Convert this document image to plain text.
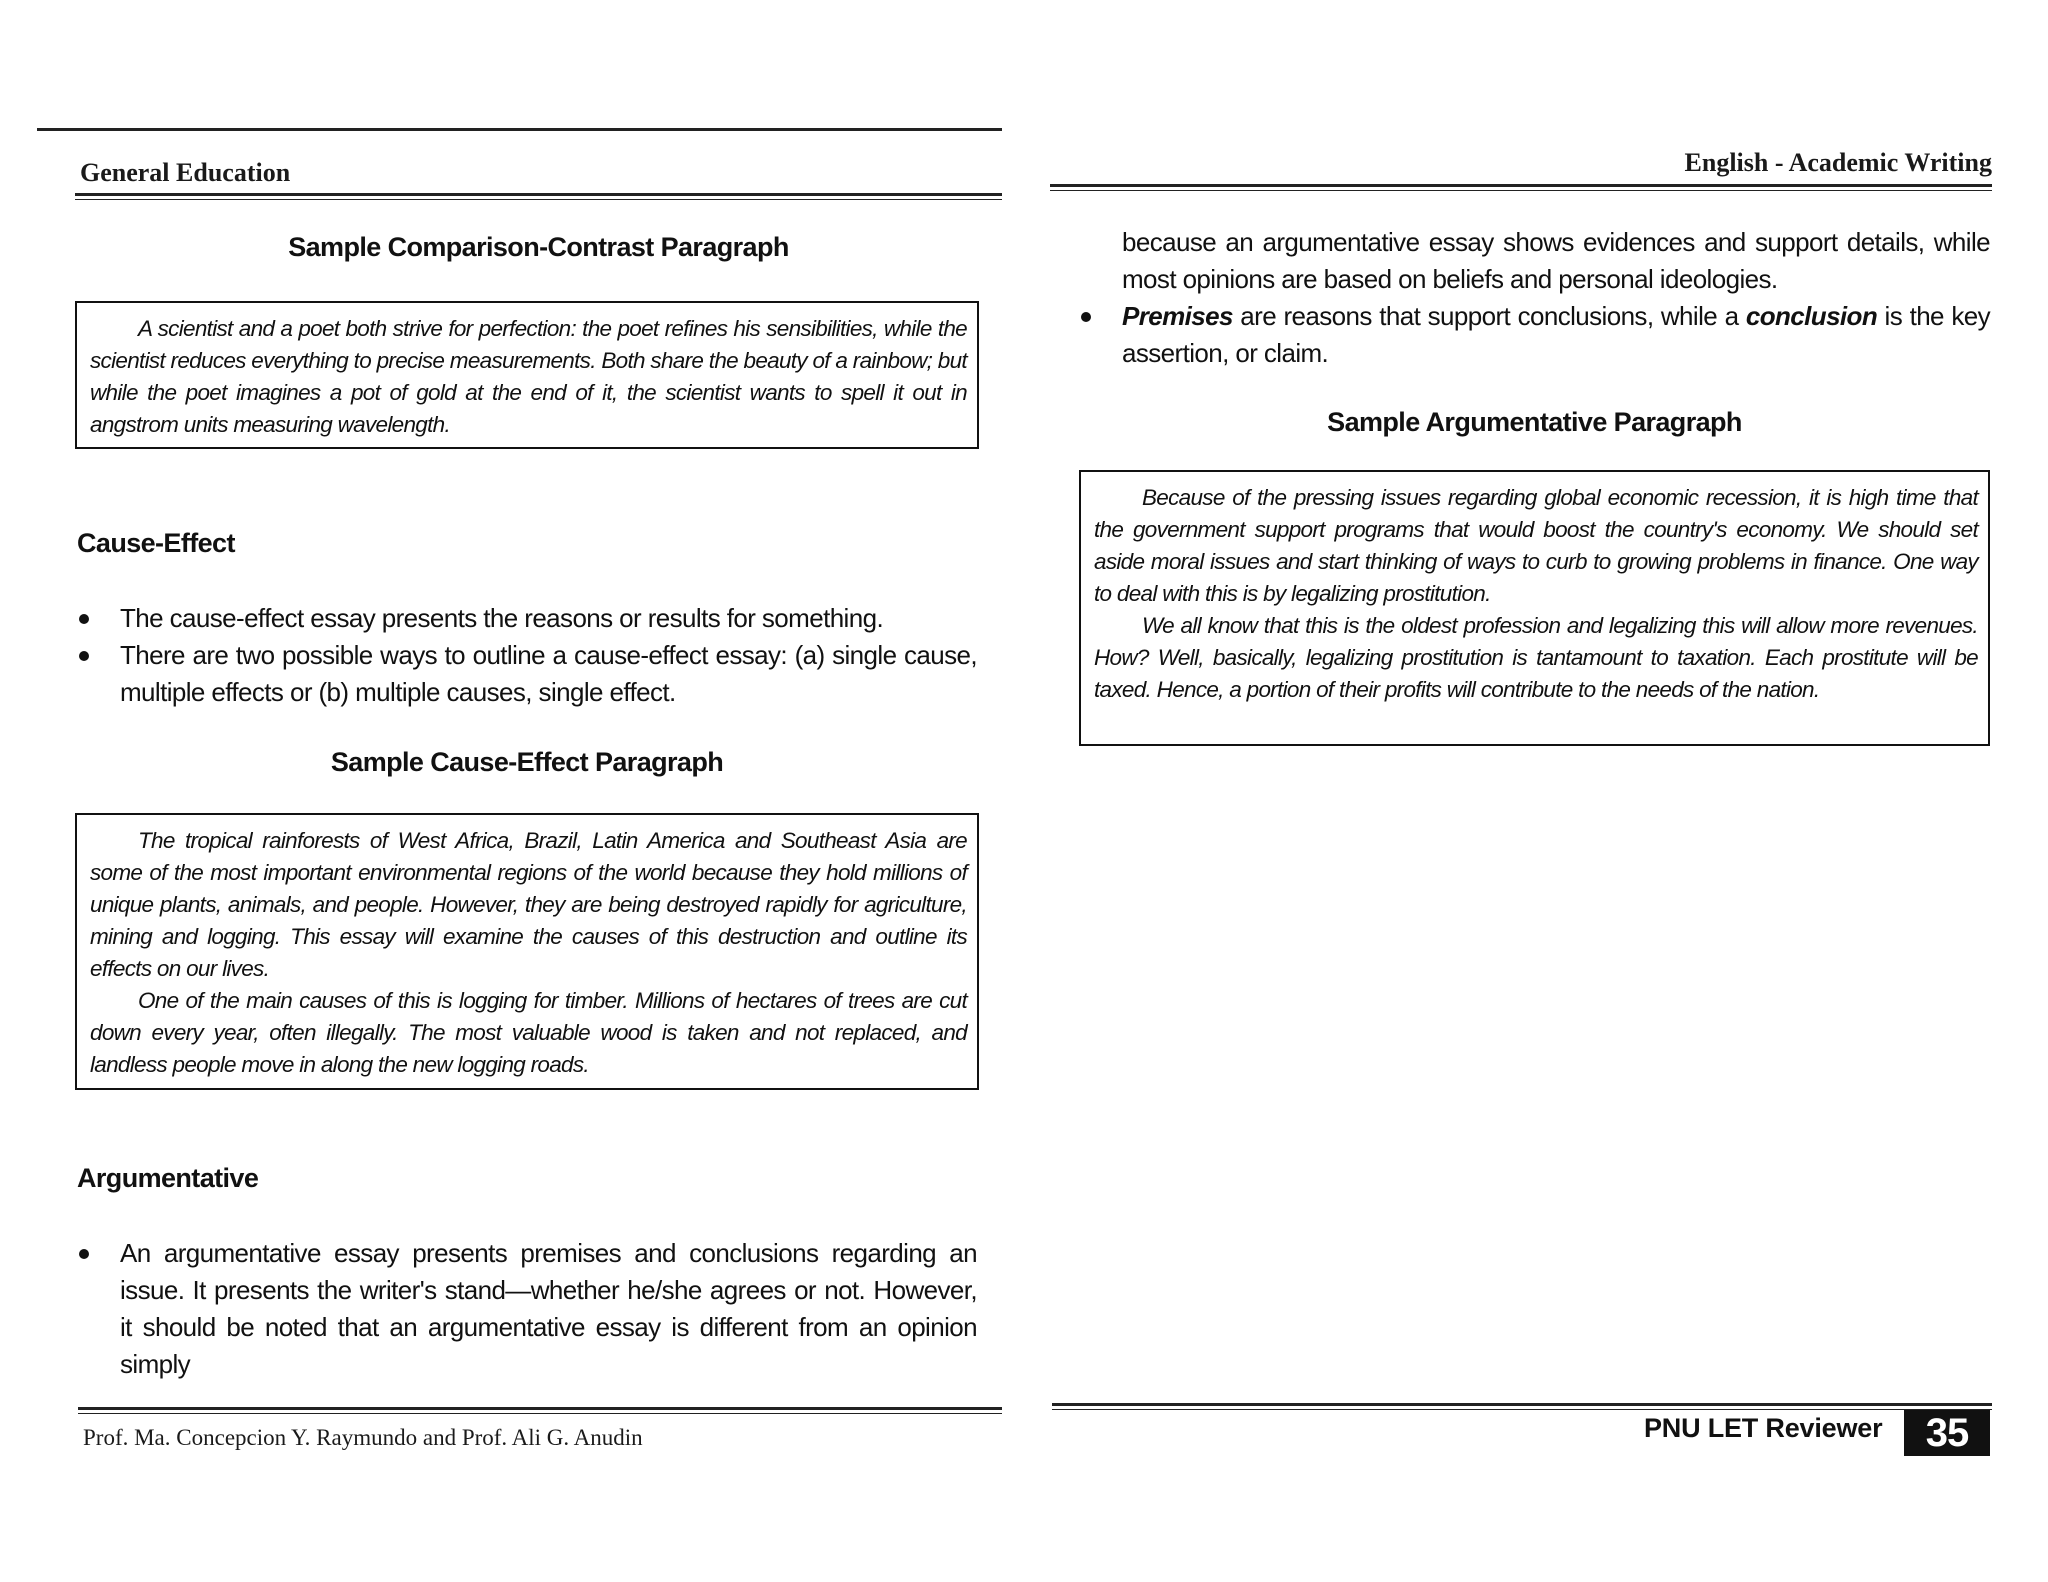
General Education
Sample Comparison-Contrast Paragraph

A scientist and a poet both strive for perfection: the poet refines his sensibilities, while the scientist reduces everything to precise measurements. Both share the beauty of a rainbow; but while the poet imagines a pot of gold at the end of it, the scientist wants to spell it out in angstrom units measuring wavelength.

Cause-Effect
The cause-effect essay presents the reasons or results for something.
There are two possible ways to outline a cause-effect essay: (a) single cause, multiple effects or (b) multiple causes, single effect.
Sample Cause-Effect Paragraph

The tropical rainforests of West Africa, Brazil, Latin America and Southeast Asia are some of the most important environmental regions of the world because they hold millions of unique plants, animals, and people. However, they are being destroyed rapidly for agriculture, mining and logging. This essay will examine the causes of this destruction and outline its effects on our lives.

One of the main causes of this is logging for timber. Millions of hectares of trees are cut down every year, often illegally. The most valuable wood is taken and not replaced, and landless people move in along the new logging roads.

Argumentative
An argumentative essay presents premises and conclusions regarding an issue. It presents the writer's stand—whether he/she agrees or not. However, it should be noted that an argumentative essay is different from an opinion simply
Prof. Ma. Concepcion Y. Raymundo and Prof. Ali G. Anudin
English - Academic Writing

because an argumentative essay shows evidences and support details, while most opinions are based on beliefs and personal ideologies.

Premises are reasons that support conclusions, while a conclusion is the key assertion, or claim.
Sample Argumentative Paragraph

Because of the pressing issues regarding global economic recession, it is high time that the government support programs that would boost the country's economy. We should set aside moral issues and start thinking of ways to curb to growing problems in finance. One way to deal with this is by legalizing prostitution.

We all know that this is the oldest profession and legalizing this will allow more revenues. How? Well, basically, legalizing prostitution is tantamount to taxation. Each prostitute will be taxed. Hence, a portion of their profits will contribute to the needs of the nation.

PNU LET Reviewer	35
